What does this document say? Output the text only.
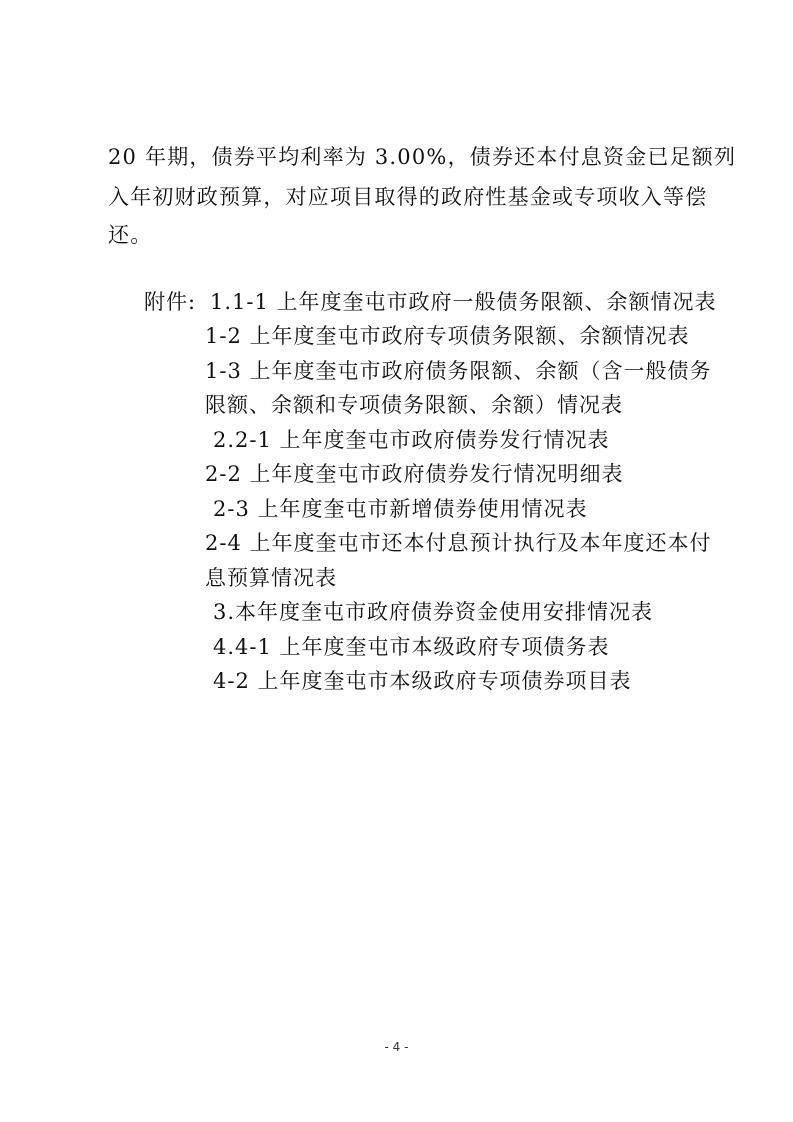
20 年期，债券平均利率为 3.00%，债券还本付息资金已足额列
入年初财政预算，对应项目取得的政府性基金或专项收入等偿
还。
附件: 1.1-1 上年度奎屯市政府一般债务限额、余额情况表
1-2 上年度奎屯市政府专项债务限额、余额情况表
1-3 上年度奎屯市政府债务限额、余额（含一般债务
限额、余额和专项债务限额、余额）情况表
2.2-1 上年度奎屯市政府债券发行情况表
2-2 上年度奎屯市政府债券发行情况明细表
2-3 上年度奎屯市新增债券使用情况表
2-4 上年度奎屯市还本付息预计执行及本年度还本付
息预算情况表
3.本年度奎屯市政府债券资金使用安排情况表
4.4-1 上年度奎屯市本级政府专项债务表
4-2 上年度奎屯市本级政府专项债券项目表
- 4 -
